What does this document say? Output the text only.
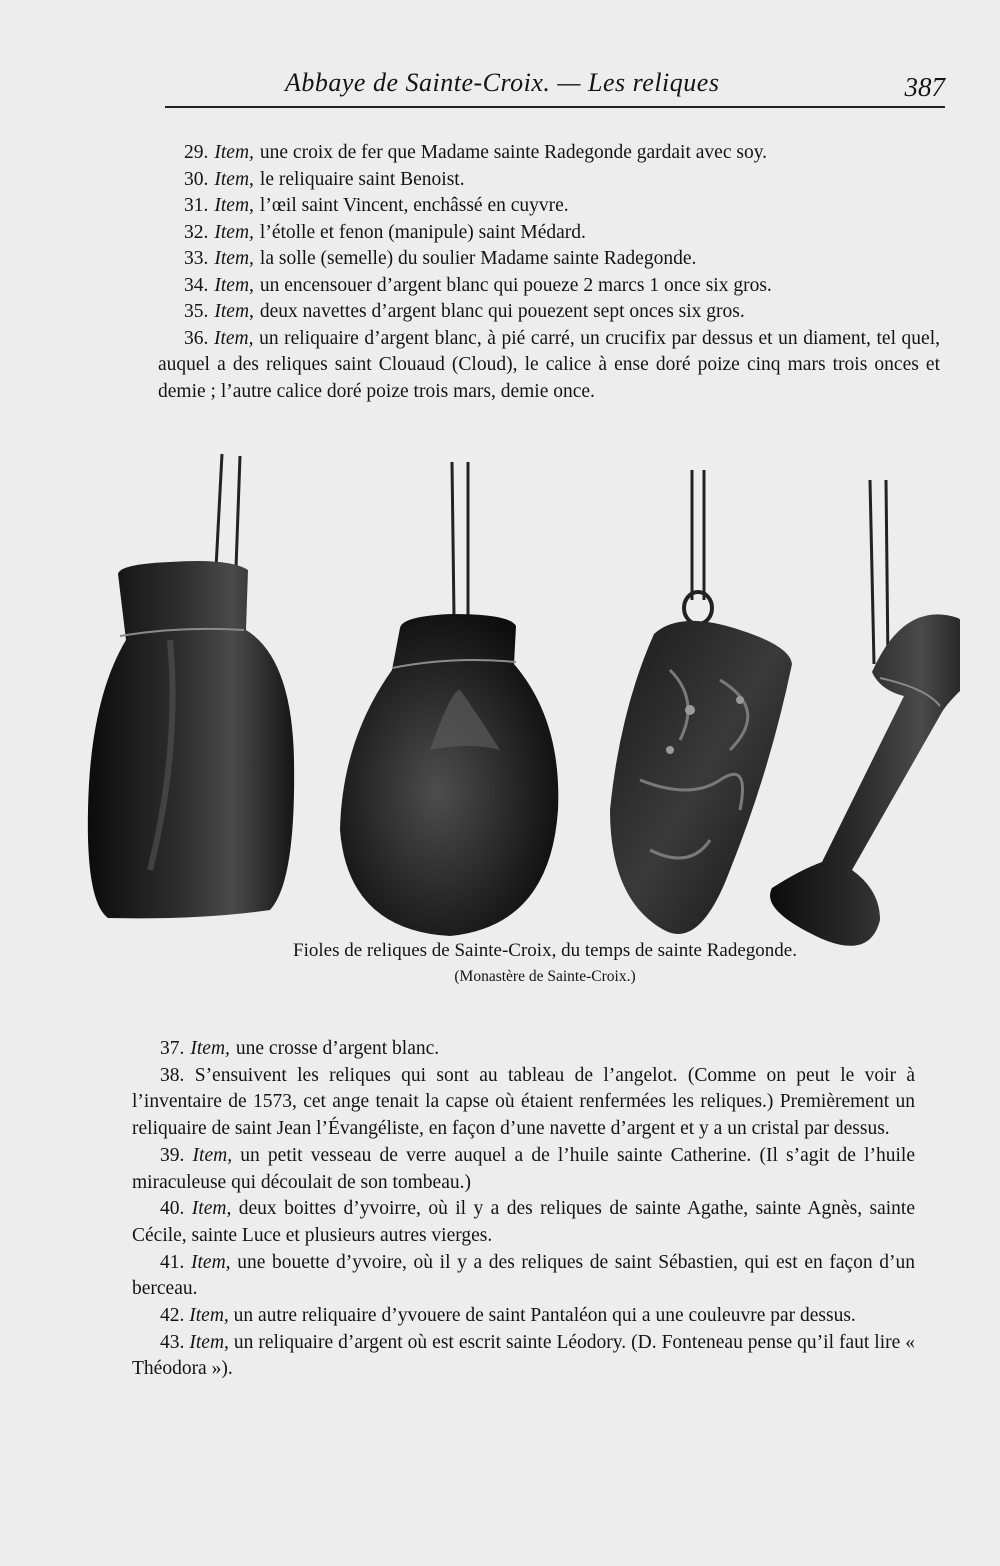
Abbaye de Sainte-Croix. — Les reliques	387

29. Item, une croix de fer que Madame sainte Radegonde gardait avec soy.

30. Item, le reliquaire saint Benoist.

31. Item, l’œil saint Vincent, enchâssé en cuyvre.

32. Item, l’étolle et fenon (manipule) saint Médard.

33. Item, la solle (semelle) du soulier Madame sainte Radegonde.

34. Item, un encensouer d’argent blanc qui poueze 2 marcs 1 once six gros.

35. Item, deux navettes d’argent blanc qui pouezent sept onces six gros.

36. Item, un reliquaire d’argent blanc, à pié carré, un crucifix par dessus et un diament, tel quel, auquel a des reliques saint Clouaud (Cloud), le calice à ense doré poize cinq mars trois onces et demie ; l’autre calice doré poize trois mars, demie once.

Fioles de reliques de Sainte-Croix, du temps de sainte Radegonde.

(Monastère de Sainte-Croix.)

37. Item, une crosse d’argent blanc.

38. S’ensuivent les reliques qui sont au tableau de l’angelot. (Comme on peut le voir à l’inventaire de 1573, cet ange tenait la capse où étaient renfermées les reliques.) Premièrement un reliquaire de saint Jean l’Évangéliste, en façon d’une navette d’argent et y a un cristal par dessus.

39. Item, un petit vesseau de verre auquel a de l’huile sainte Catherine. (Il s’agit de l’huile miraculeuse qui découlait de son tombeau.)

40. Item, deux boittes d’yvoirre, où il y a des reliques de sainte Agathe, sainte Agnès, sainte Cécile, sainte Luce et plusieurs autres vierges.

41. Item, une bouette d’yvoire, où il y a des reliques de saint Sébastien, qui est en façon d’un berceau.

42. Item, un autre reliquaire d’yvouere de saint Pantaléon qui a une couleuvre par dessus.

43. Item, un reliquaire d’argent où est escrit sainte Léodory. (D. Fonteneau pense qu’il faut lire « Théodora »).
